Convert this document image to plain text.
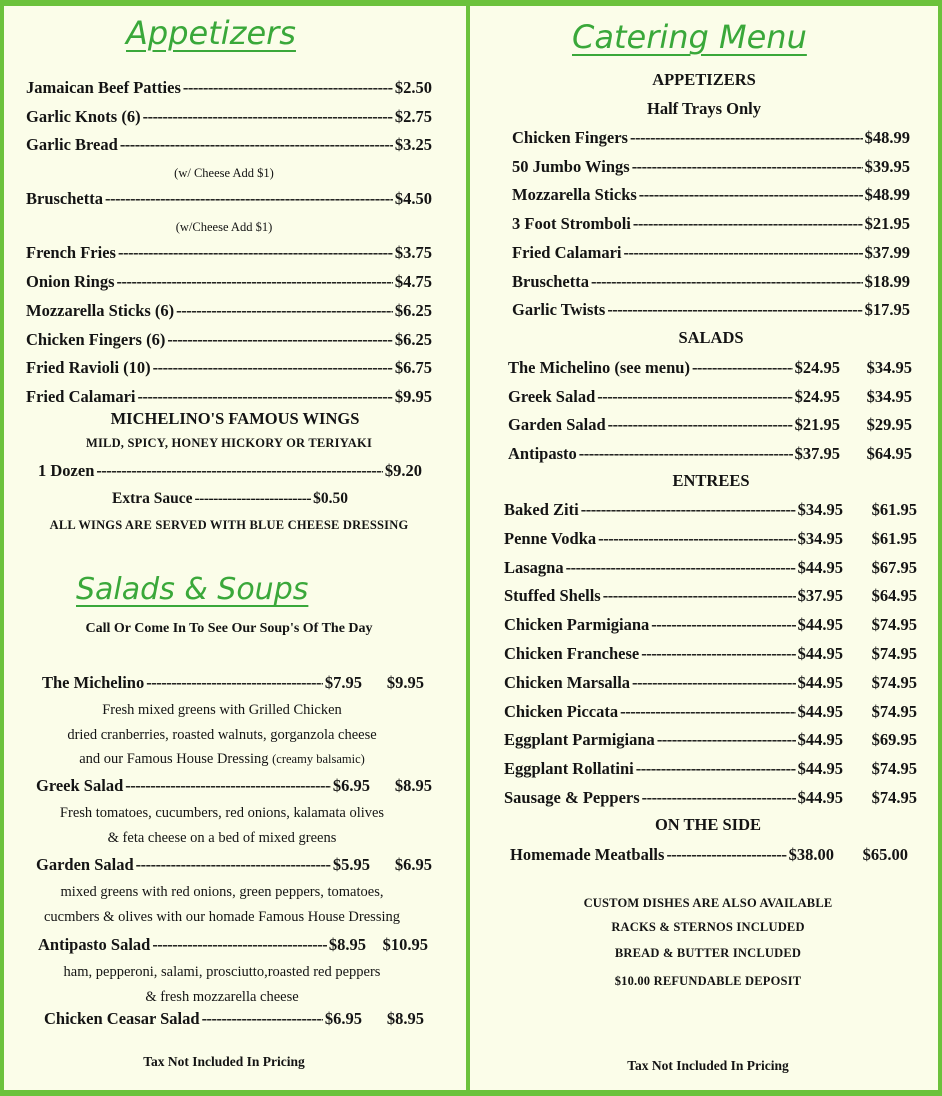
Appetizers
Jamaican Beef Patties -----	$2.50
Garlic Knots (6) -----	$2.75
Garlic Bread -----	$3.25
(w/ Cheese Add $1)
Bruschetta -----	$4.50
(w/Cheese Add $1)
French Fries -----	$3.75
Onion Rings -----	$4.75
Mozzarella Sticks (6) -----	$6.25
Chicken Fingers (6) -----	$6.25
Fried Ravioli (10) -----	$6.75
Fried Calamari -----	$9.95
MICHELINO'S FAMOUS WINGS
MILD, SPICY, HONEY HICKORY OR TERIYAKI
1 Dozen -----	$9.20
Extra Sauce -----	$0.50
ALL WINGS ARE SERVED WITH BLUE CHEESE DRESSING
Salads & Soups
Call Or Come In To See Our Soup's Of The Day
The Michelino -----	$7.95	$9.95
Fresh mixed greens with Grilled Chicken
dried cranberries, roasted walnuts, gorganzola cheese
and our Famous House Dressing (creamy balsamic)
Greek Salad -----	$6.95	$8.95
Fresh tomatoes, cucumbers, red onions, kalamata olives
& feta cheese on a bed of mixed greens
Garden Salad -----	$5.95	$6.95
mixed greens with red onions, green peppers, tomatoes,
cucmbers & olives with our homade Famous House Dressing
Antipasto Salad -----	$8.95	$10.95
ham, pepperoni, salami, prosciutto,roasted red peppers
& fresh mozzarella cheese
Chicken Ceasar Salad -----	$6.95	$8.95
Tax Not Included In Pricing
Catering Menu
APPETIZERS
Half Trays Only
Chicken Fingers -----	$48.99
50 Jumbo Wings -----	$39.95
Mozzarella Sticks -----	$48.99
3 Foot Stromboli -----	$21.95
Fried Calamari -----	$37.99
Bruschetta -----	$18.99
Garlic Twists -----	$17.95
SALADS
The Michelino (see menu) -----	$24.95	$34.95
Greek Salad -----	$24.95	$34.95
Garden Salad -----	$21.95	$29.95
Antipasto -----	$37.95	$64.95
ENTREES
Baked Ziti -----	$34.95	$61.95
Penne Vodka -----	$34.95	$61.95
Lasagna -----	$44.95	$67.95
Stuffed Shells -----	$37.95	$64.95
Chicken Parmigiana -----	$44.95	$74.95
Chicken Franchese -----	$44.95	$74.95
Chicken Marsalla -----	$44.95	$74.95
Chicken Piccata -----	$44.95	$74.95
Eggplant Parmigiana -----	$44.95	$69.95
Eggplant Rollatini -----	$44.95	$74.95
Sausage & Peppers -----	$44.95	$74.95
ON THE SIDE
Homemade Meatballs -----	$38.00	$65.00
CUSTOM DISHES ARE ALSO AVAILABLE
RACKS & STERNOS INCLUDED
BREAD & BUTTER INCLUDED
$10.00 REFUNDABLE DEPOSIT
Tax Not Included In Pricing
